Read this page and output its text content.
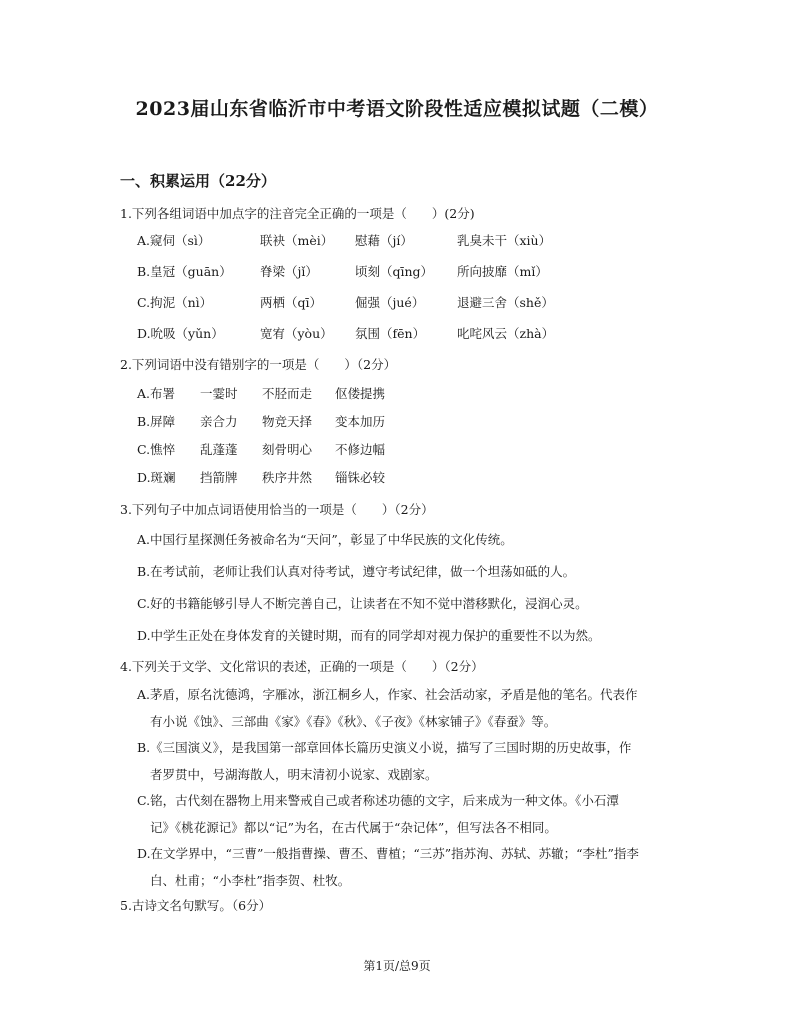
2023届山东省临沂市中考语文阶段性适应模拟试题（二模）
一、积累运用（22分）
1.下列各组词语中加点字的注音完全正确的一项是（　　）(2分)
A.窥伺（sì）	联袂（mèi） 慰藉（jí）	乳臭未干（xiù）
B.皇冠（guān） 脊梁（jǐ）	顷刻（qīng） 所向披靡（mǐ）
C.拘泥（nì）	两栖（qī）	倔强（jué）	退避三舍（shě）
D.吮吸（yǔn）	宽宥（yòu） 氛围（fēn）	叱咤风云（zhà）
2.下列词语中没有错别字的一项是（　　）（2分）
A.布署 一霎时 不胫而走 伛偻提携
B.屏障 亲合力 物竞天择 变本加历
C.憔悴 乱蓬蓬 刻骨明心 不修边幅
D.斑斓 挡箭牌 秩序井然 锱铢必较
3.下列句子中加点词语使用恰当的一项是（　　）（2分）
A.中国行星探测任务被命名为“天问”，彰显了中华民族的文化传统。
B.在考试前，老师让我们认真对待考试，遵守考试纪律，做一个坦荡如砥的人。
C.好的书籍能够引导人不断完善自己，让读者在不知不觉中潜移默化，浸润心灵。
D.中学生正处在身体发育的关键时期，而有的同学却对视力保护的重要性不以为然。
4.下列关于文学、文化常识的表述，正确的一项是（　　）（2分）
A.茅盾，原名沈德鸿，字雁冰，浙江桐乡人，作家、社会活动家，矛盾是他的笔名。代表作
有小说《蚀》、三部曲《家》《春》《秋》、《子夜》《林家铺子》《春蚕》等。
B.《三国演义》，是我国第一部章回体长篇历史演义小说，描写了三国时期的历史故事，作
者罗贯中，号湖海散人，明末清初小说家、戏剧家。
C.铭，古代刻在器物上用来警戒自己或者称述功德的文字，后来成为一种文体。《小石潭
记》《桃花源记》都以“记”为名，在古代属于“杂记体”，但写法各不相同。
D.在文学界中，“三曹”一般指曹操、曹丕、曹植；“三苏”指苏洵、苏轼、苏辙；“李杜”指李
白、杜甫；“小李杜”指李贺、杜牧。
5.古诗文名句默写。（6分）
第1页/总9页
